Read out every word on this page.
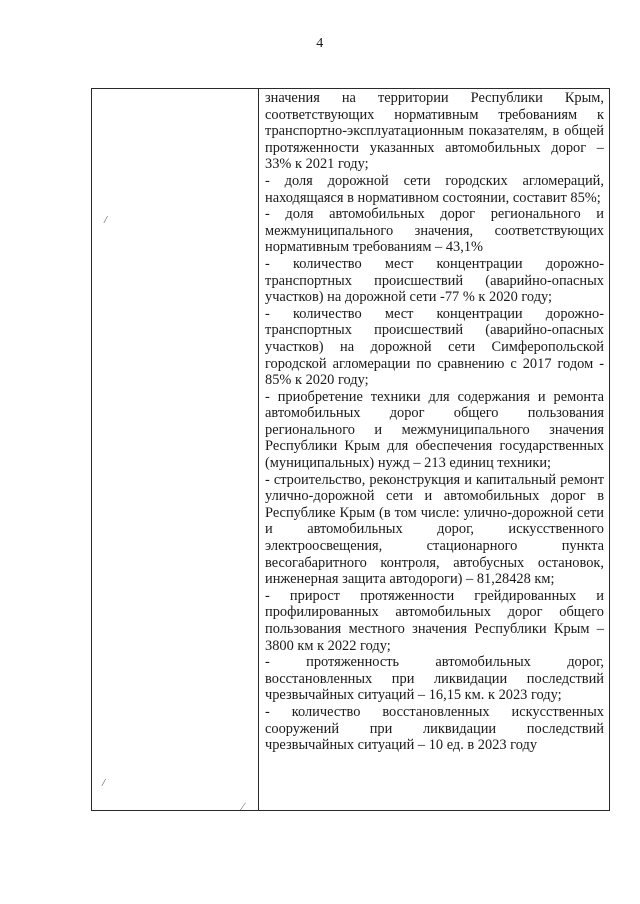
4
/
/
∕

значения на территории Республики Крым, соответствующих нормативным требованиям к транспортно-эксплуатационным показателям, в общей протяженности указанных автомобильных дорог – 33% к 2021 году;

- доля дорожной сети городских агломераций, находящаяся в нормативном состоянии, составит 85%;

- доля автомобильных дорог регионального и межмуниципального значения, соответствующих нормативным требованиям – 43,1%

- количество мест концентрации дорожно-транспортных происшествий (аварийно-опасных участков) на дорожной сети -77 % к 2020 году;

- количество мест концентрации дорожно-транспортных происшествий (аварийно-опасных участков) на дорожной сети Симферопольской городской агломерации по сравнению с 2017 годом - 85% к 2020 году;

- приобретение техники для содержания и ремонта автомобильных дорог общего пользования регионального и межмуниципального значения Республики Крым для обеспечения государственных (муниципальных) нужд – 213 единиц техники;

- строительство, реконструкция и капитальный ремонт улично-дорожной сети и автомобильных дорог в Республике Крым (в том числе: улично-дорожной сети и автомобильных дорог, искусственного электроосвещения, стационарного пункта весогабаритного контроля, автобусных остановок, инженерная защита автодороги) – 81,28428 км;

- прирост протяженности грейдированных и профилированных автомобильных дорог общего пользования местного значения Республики Крым – 3800 км к 2022 году;

- протяженность автомобильных дорог, восстановленных при ликвидации последствий чрезвычайных ситуаций – 16,15 км. к 2023 году;

- количество восстановленных искусственных сооружений при ликвидации последствий чрезвычайных ситуаций – 10 ед. в 2023 году
